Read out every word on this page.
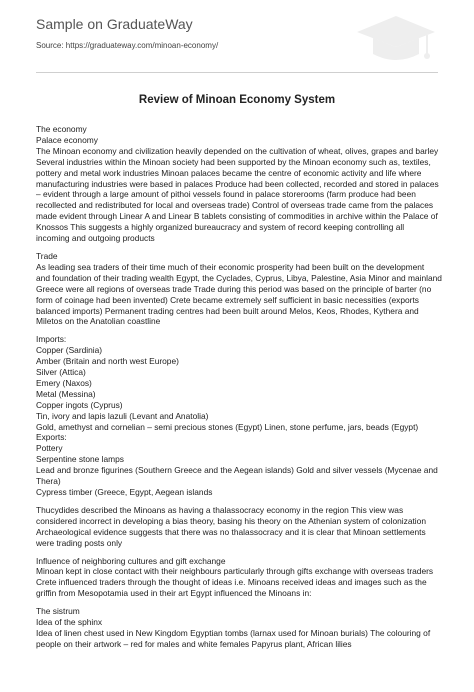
Sample on GraduateWay
Source: https://graduateway.com/minoan-economy/
Review of Minoan Economy System
The economy
Palace economy
The Minoan economy and civilization heavily depended on the cultivation of wheat, olives, grapes and barley
Several industries within the Minoan society had been supported by the Minoan economy such as, textiles,
pottery and metal work industries Minoan palaces became the centre of economic activity and life where
manufacturing industries were based in palaces Produce had been collected, recorded and stored in palaces
– evident through a large amount of pithoi vessels found in palace storerooms (farm produce had been
recollected and redistributed for local and overseas trade) Control of overseas trade came from the palaces
made evident through Linear A and Linear B tablets consisting of commodities in archive within the Palace of
Knossos This suggests a highly organized bureaucracy and system of record keeping controlling all
incoming and outgoing products
Trade
As leading sea traders of their time much of their economic prosperity had been built on the development
and foundation of their trading wealth Egypt, the Cyclades, Cyprus, Libya, Palestine, Asia Minor and mainland
Greece were all regions of overseas trade Trade during this period was based on the principle of barter (no
form of coinage had been invented) Crete became extremely self sufficient in basic necessities (exports
balanced imports) Permanent trading centres had been built around Melos, Keos, Rhodes, Kythera and
Miletos on the Anatolian coastline
Imports:
Copper (Sardinia)
Amber (Britain and north west Europe)
Silver (Attica)
Emery (Naxos)
Metal (Messina)
Copper ingots (Cyprus)
Tin, ivory and lapis lazuli (Levant and Anatolia)
Gold, amethyst and cornelian – semi precious stones (Egypt) Linen, stone perfume, jars, beads (Egypt)
Exports:
Pottery
Serpentine stone lamps
Lead and bronze figurines (Southern Greece and the Aegean islands) Gold and silver vessels (Mycenae and
Thera)
Cypress timber (Greece, Egypt, Aegean islands
Thucydides described the Minoans as having a thalassocracy economy in the region This view was
considered incorrect in developing a bias theory, basing his theory on the Athenian system of colonization
Archaeological evidence suggests that there was no thalassocracy and it is clear that Minoan settlements
were trading posts only
Influence of neighboring cultures and gift exchange
Minoan kept in close contact with their neighbours particularly through gifts exchange with overseas traders
Crete influenced traders through the thought of ideas i.e. Minoans received ideas and images such as the
griffin from Mesopotamia used in their art Egypt influenced the Minoans in:
The sistrum
Idea of the sphinx
Idea of linen chest used in New Kingdom Egyptian tombs (larnax used for Minoan burials) The colouring of
people on their artwork – red for males and white females Papyrus plant, African lilies
